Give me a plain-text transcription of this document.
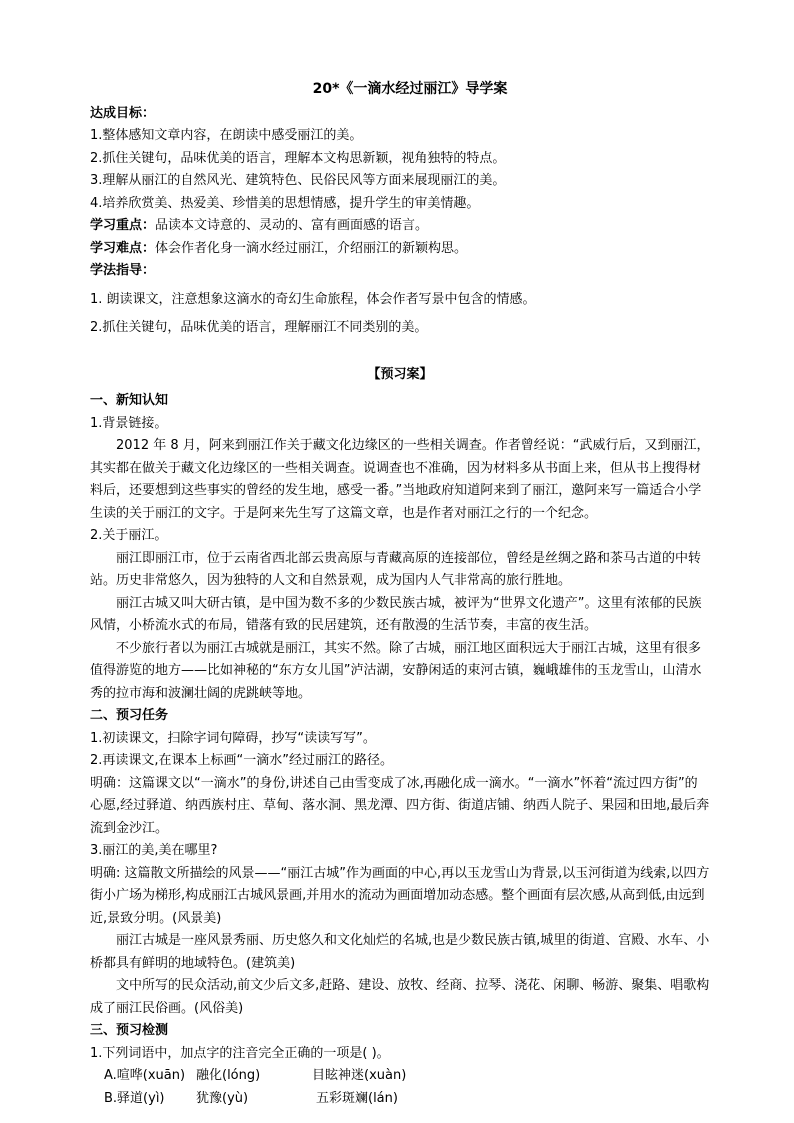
20*《一滴水经过丽江》导学案

达成目标：

1.整体感知文章内容，在朗读中感受丽江的美。

2.抓住关键句，品味优美的语言，理解本文构思新颖，视角独特的特点。

3.理解从丽江的自然风光、建筑特色、民俗民风等方面来展现丽江的美。

4.培养欣赏美、热爱美、珍惜美的思想情感，提升学生的审美情趣。

学习重点：品读本文诗意的、灵动的、富有画面感的语言。

学习难点：体会作者化身一滴水经过丽江，介绍丽江的新颖构思。

学法指导：

1. 朗读课文，注意想象这滴水的奇幻生命旅程，体会作者写景中包含的情感。

2.抓住关键句，品味优美的语言，理解丽江不同类别的美。

【预习案】

一、新知认知

1.背景链接。

2012 年 8 月，阿来到丽江作关于藏文化边缘区的一些相关调查。作者曾经说：“武威行后，又到丽江，其实都在做关于藏文化边缘区的一些相关调查。说调查也不准确，因为材料多从书面上来，但从书上搜得材料后，还要想到这些事实的曾经的发生地，感受一番。”当地政府知道阿来到了丽江，邀阿来写一篇适合小学生读的关于丽江的文字。于是阿来先生写了这篇文章，也是作者对丽江之行的一个纪念。

2.关于丽江。

丽江即丽江市，位于云南省西北部云贵高原与青藏高原的连接部位，曾经是丝绸之路和茶马古道的中转站。历史非常悠久，因为独特的人文和自然景观，成为国内人气非常高的旅行胜地。

丽江古城又叫大研古镇，是中国为数不多的少数民族古城，被评为“世界文化遗产”。这里有浓郁的民族风情，小桥流水式的布局，错落有致的民居建筑，还有散漫的生活节奏，丰富的夜生活。

不少旅行者以为丽江古城就是丽江，其实不然。除了古城，丽江地区面积远大于丽江古城，这里有很多值得游览的地方——比如神秘的“东方女儿国”泸沽湖，安静闲适的束河古镇，巍峨雄伟的玉龙雪山，山清水秀的拉市海和波澜壮阔的虎跳峡等地。

二、预习任务

1.初读课文，扫除字词句障碍，抄写“读读写写”。

2.再读课文,在课本上标画“一滴水”经过丽江的路径。

明确：这篇课文以“一滴水”的身份,讲述自己由雪变成了冰,再融化成一滴水。“一滴水”怀着“流过四方街”的心愿,经过驿道、纳西族村庄、草甸、落水洞、黑龙潭、四方街、街道店铺、纳西人院子、果园和田地,最后奔流到金沙江。

3.丽江的美,美在哪里?

明确: 这篇散文所描绘的风景——“丽江古城”作为画面的中心,再以玉龙雪山为背景,以玉河街道为线索,以四方街小广场为梯形,构成丽江古城风景画,并用水的流动为画面增加动态感。整个画面有层次感,从高到低,由远到近,景致分明。(风景美)

丽江古城是一座风景秀丽、历史悠久和文化灿烂的名城,也是少数民族古镇,城里的街道、宫殿、水车、小桥都具有鲜明的地域特色。(建筑美)

文中所写的民众活动,前文少后文多,赶路、建设、放牧、经商、拉琴、浇花、闲聊、畅游、聚集、唱歌构成了丽江民俗画。(风俗美)

三、预习检测

1.下列词语中，加点字的注音完全正确的一项是( )。

A.喧哗(xuān) 融化(lóng)	目眩神迷(xuàn)

B.驿道(yì) 犹豫(yù)	五彩斑斓(lán)
